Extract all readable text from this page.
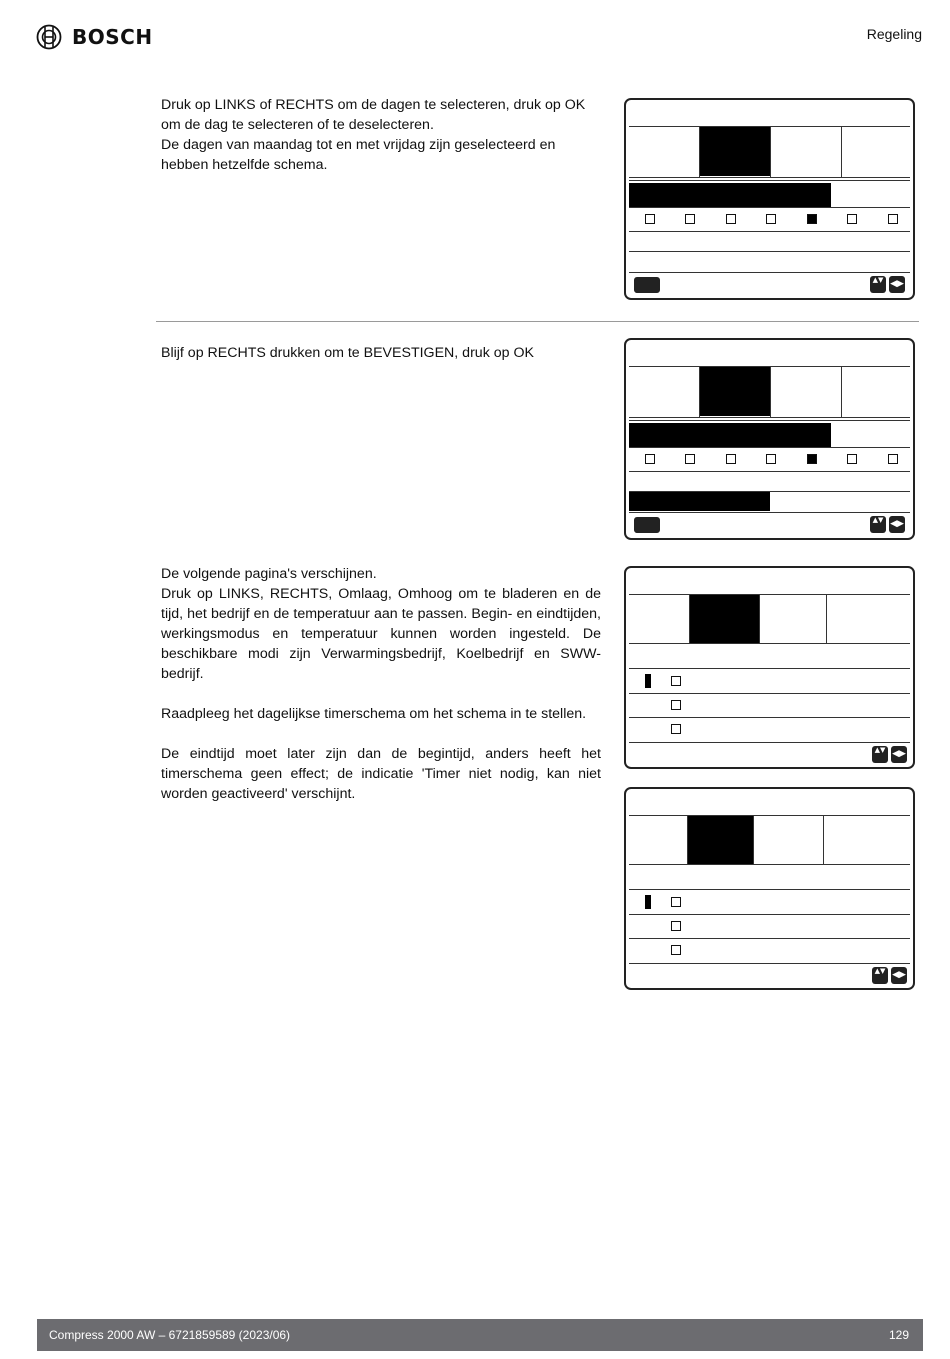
BOSCH	Regeling

Druk op LINKS of RECHTS om de dagen te selecteren, druk op OK om de dag te selecteren of te deselecteren.

De dagen van maandag tot en met vrijdag zijn geselecteerd en hebben hetzelfde schema.

▲▼ ◀▶

Blijf op RECHTS drukken om te BEVESTIGEN, druk op OK

▲▼ ◀▶

De volgende pagina's verschijnen.

Druk op LINKS, RECHTS, Omlaag, Omhoog om te bladeren en de tijd, het bedrijf en de temperatuur aan te passen. Begin- en eindtijden, werkingsmodus en temperatuur kunnen worden ingesteld. De beschikbare modi zijn Verwarmingsbedrijf, Koelbedrijf en SWW-bedrijf.

Raadpleeg het dagelijkse timerschema om het schema in te stellen.

De eindtijd moet later zijn dan de begintijd, anders heeft het timerschema geen effect; de indicatie 'Timer niet nodig, kan niet worden geactiveerd' verschijnt.

▲▼ ◀▶
▲▼ ◀▶
Compress 2000 AW – 6721859589 (2023/06)	129
